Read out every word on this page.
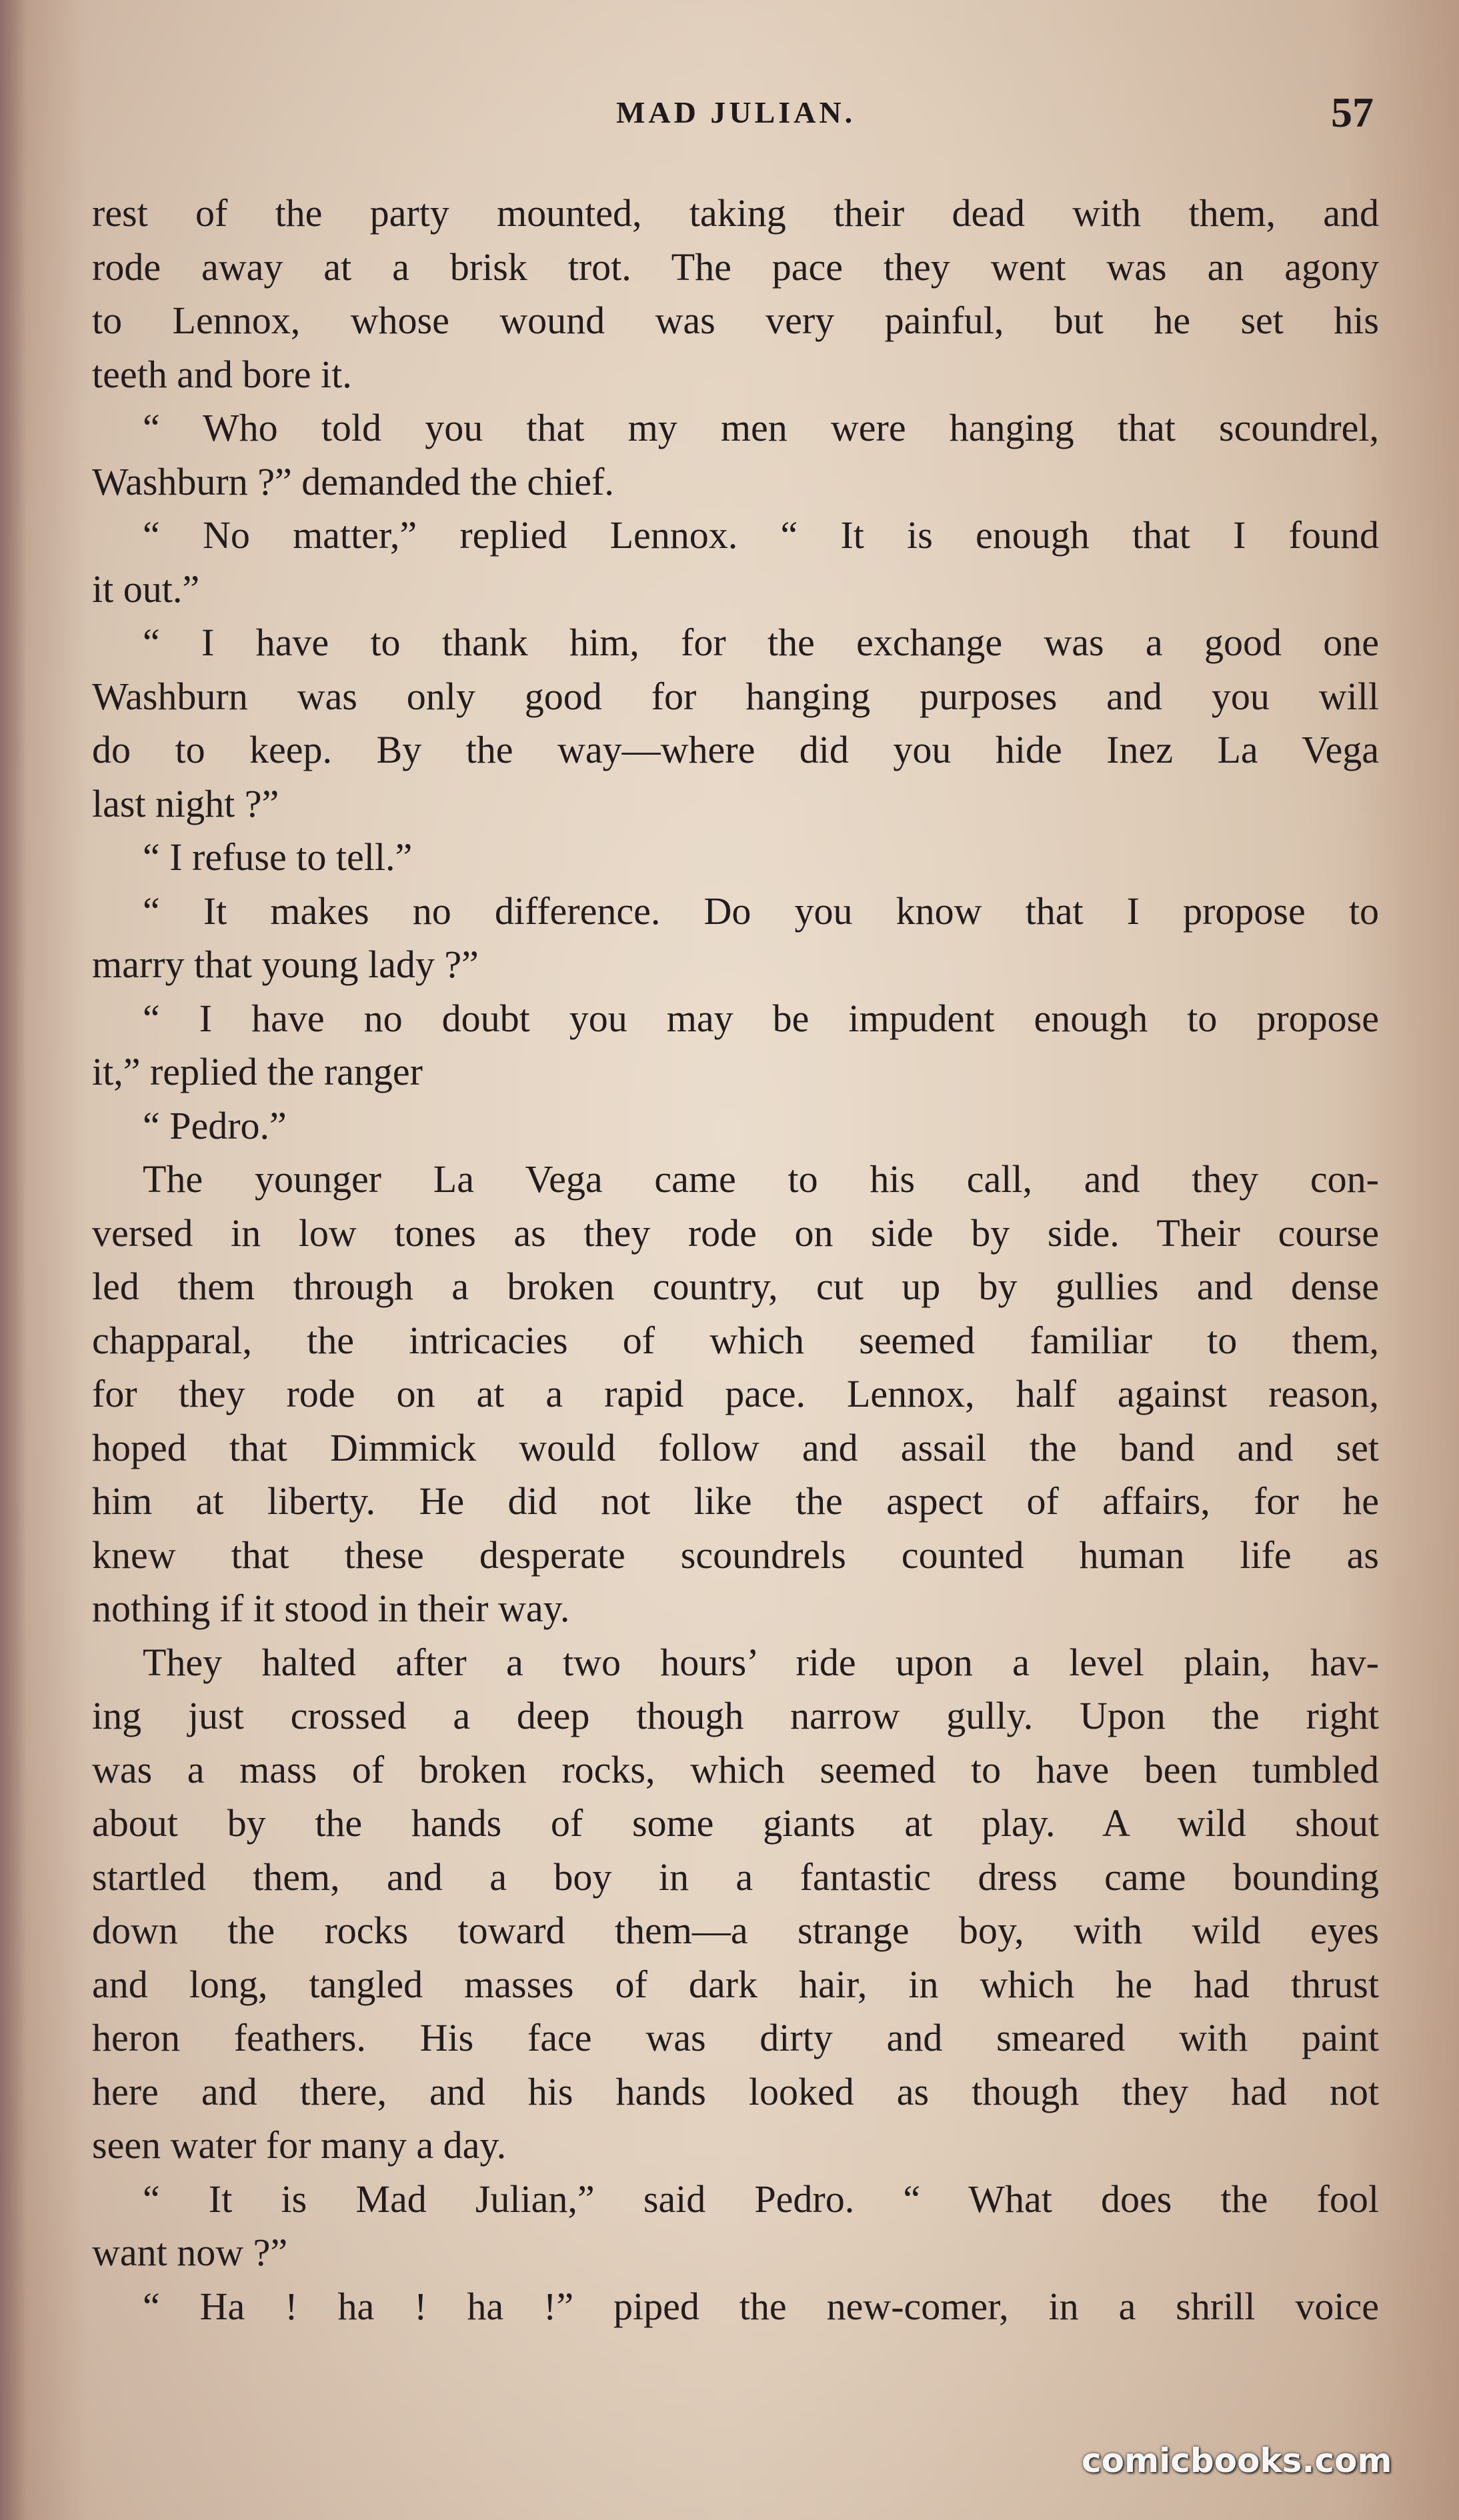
MAD JULIAN.	57
rest of the party mounted, taking their dead with them, and
rode away at a brisk trot. The pace they went was an agony
to Lennox, whose wound was very painful, but he set his
teeth and bore it.
“ Who told you that my men were hanging that scoundrel,
Washburn ?” demanded the chief.
“ No matter,” replied Lennox. “ It is enough that I found
it out.”
“ I have to thank him, for the exchange was a good one
Washburn was only good for hanging purposes and you will
do to keep. By the way—where did you hide Inez La Vega
last night ?”
“ I refuse to tell.”
“ It makes no difference. Do you know that I propose to
marry that young lady ?”
“ I have no doubt you may be impudent enough to propose
it,” replied the ranger
“ Pedro.”
The younger La Vega came to his call, and they con-
versed in low tones as they rode on side by side. Their course
led them through a broken country, cut up by gullies and dense
chapparal, the intricacies of which seemed familiar to them,
for they rode on at a rapid pace. Lennox, half against reason,
hoped that Dimmick would follow and assail the band and set
him at liberty. He did not like the aspect of affairs, for he
knew that these desperate scoundrels counted human life as
nothing if it stood in their way.
They halted after a two hours’ ride upon a level plain, hav-
ing just crossed a deep though narrow gully. Upon the right
was a mass of broken rocks, which seemed to have been tumbled
about by the hands of some giants at play. A wild shout
startled them, and a boy in a fantastic dress came bounding
down the rocks toward them—a strange boy, with wild eyes
and long, tangled masses of dark hair, in which he had thrust
heron feathers. His face was dirty and smeared with paint
here and there, and his hands looked as though they had not
seen water for many a day.
“ It is Mad Julian,” said Pedro. “ What does the fool
want now ?”
“ Ha ! ha ! ha !” piped the new-comer, in a shrill voice
comicbooks.com
